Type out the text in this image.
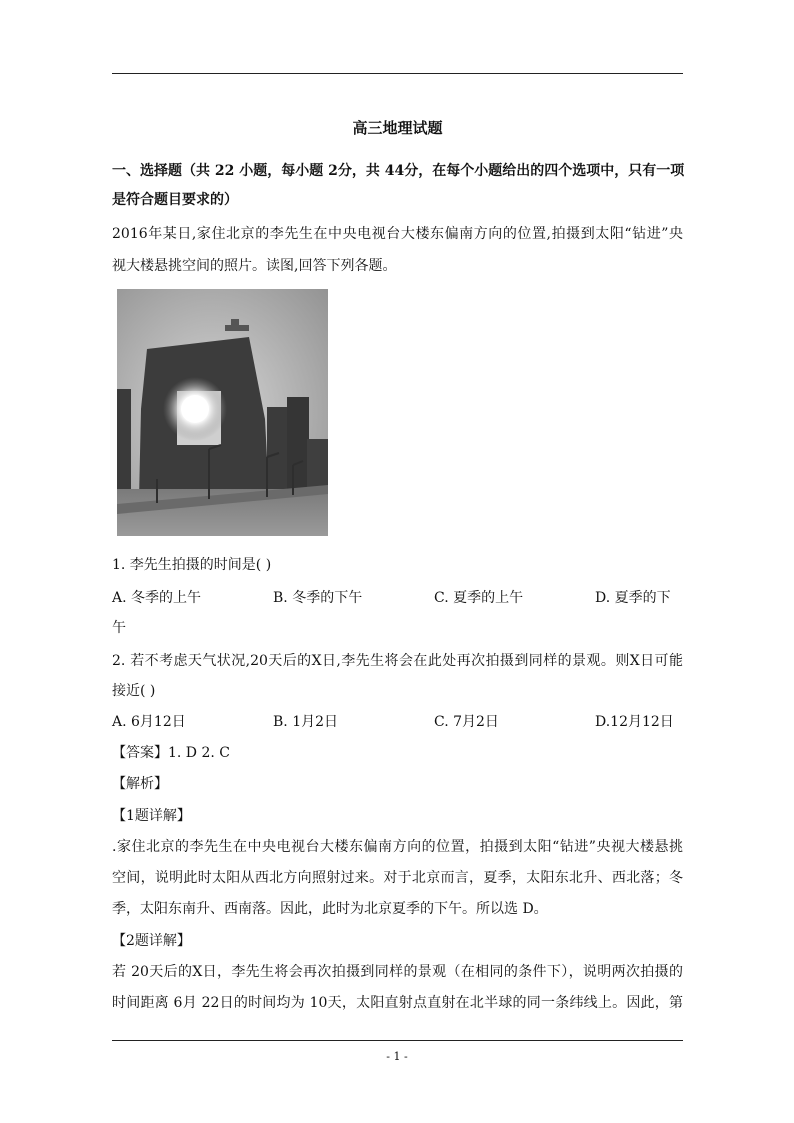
高三地理试题
一、选择题（共 22 小题，每小题 2分，共 44分，在每个小题给出的四个选项中，只有一项
是符合题目要求的）
2016年某日,家住北京的李先生在中央电视台大楼东偏南方向的位置,拍摄到太阳“钻进”央
视大楼悬挑空间的照片。读图,回答下列各题。
1. 李先生拍摄的时间是( )
A. 冬季的上午	B. 冬季的下午	C. 夏季的上午	D. 夏季的下
午
2. 若不考虑天气状况,20天后的X日,李先生将会在此处再次拍摄到同样的景观。则X日可能
接近( )
A. 6月12日	B. 1月2日	C. 7月2日	D.12月12日
【答案】1. D 2. C
【解析】
【1题详解】
.家住北京的李先生在中央电视台大楼东偏南方向的位置，拍摄到太阳“钻进”央视大楼悬挑
空间，说明此时太阳从西北方向照射过来。对于北京而言，夏季，太阳东北升、西北落；冬
季，太阳东南升、西南落。因此，此时为北京夏季的下午。所以选 D。
【2题详解】
若 20天后的X日，李先生将会再次拍摄到同样的景观（在相同的条件下），说明两次拍摄的
时间距离 6月 22日的时间均为 10天，太阳直射点直射在北半球的同一条纬线上。因此，第
- 1 -
